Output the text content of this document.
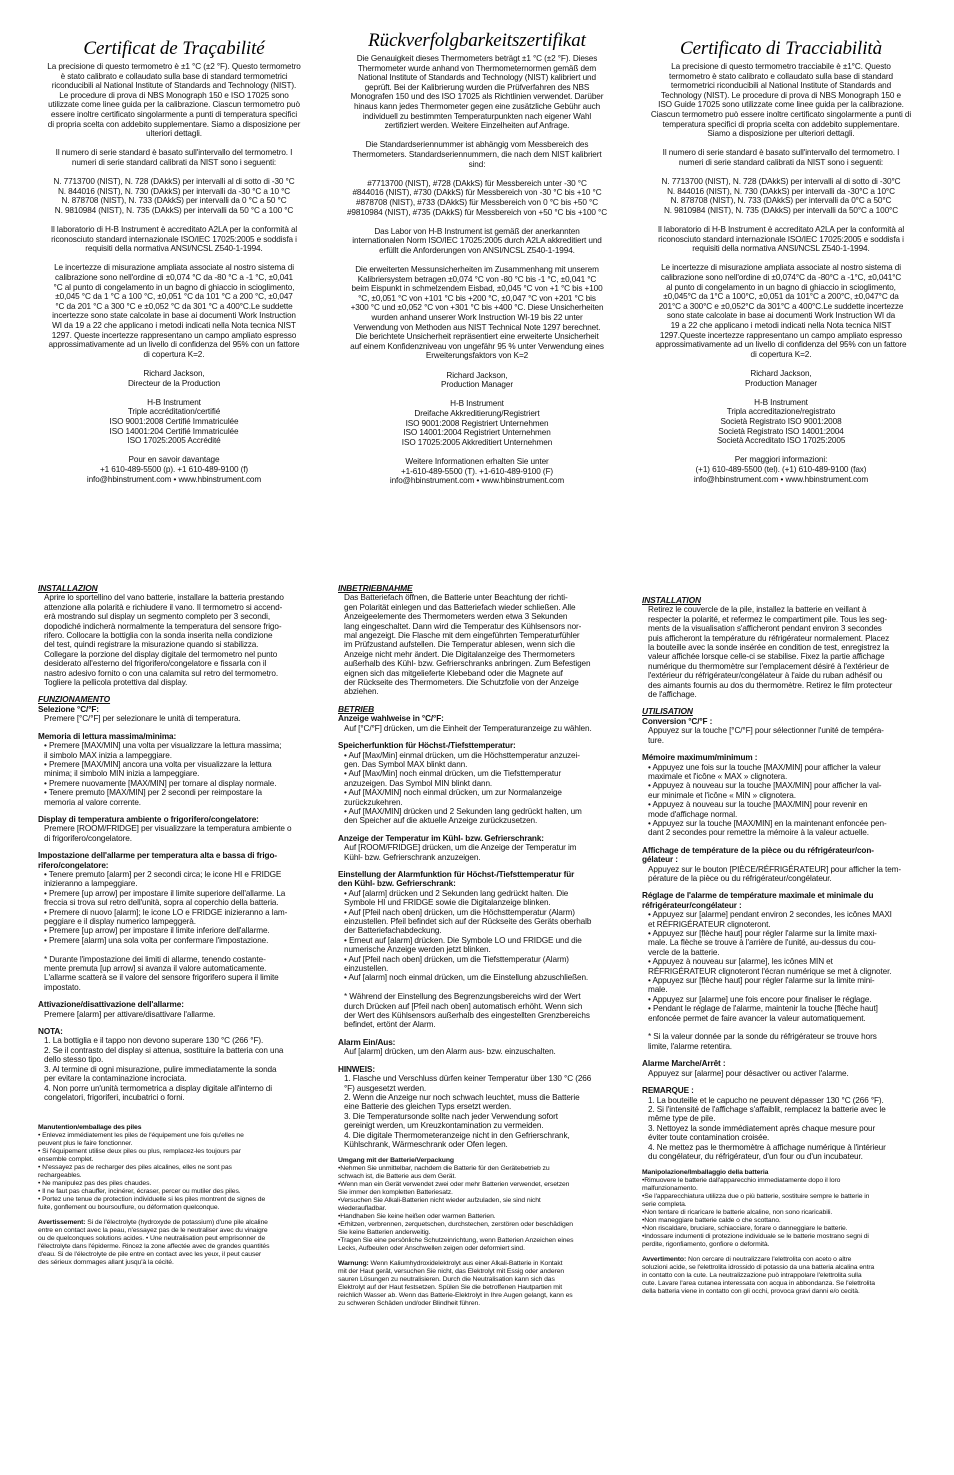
Certificat de Traçabilité

La precisione di questo termometro è ±1 °C (±2 °F). Questo termometro
è stato calibrato e collaudato sulla base di standard termometrici
riconducibili al National Institute of Standards and Technology (NIST).
Le procedure di prova di NBS Monograph 150 e ISO 17025 sono
utilizzate come linee guida per la calibrazione. Ciascun termometro può
essere inoltre certificato singolarmente a punti di temperatura specifici
di propria scelta con addebito supplementare. Siamo a disposizione per
ulteriori dettagli.

Il numero di serie standard è basato sull'intervallo del termometro. I
numeri di serie standard calibrati da NIST sono i seguenti:

N. 7713700 (NIST), N. 728 (DAkkS) per intervalli al di sotto di -30 °C
N. 844016 (NIST), N. 730 (DAkkS) per intervalli da -30 °C a 10 °C
N. 878708 (NIST), N. 733 (DAkkS) per intervalli da 0 °C a 50 °C
N. 9810984 (NIST), N. 735 (DAkkS) per intervalli da 50 °C a 100 °C

Il laboratorio di H-B Instrument è accreditato A2LA per la conformità al
riconosciuto standard internazionale ISO/IEC 17025:2005 e soddisfa i
requisiti della normativa ANSI/NCSL Z540-1-1994.

Le incertezze di misurazione ampliata associate al nostro sistema di
calibrazione sono nell'ordine di ±0,074 °C da -80 °C a -1 °C, ±0,041
°C al punto di congelamento in un bagno di ghiaccio in scioglimento,
±0,045 °C da 1 °C a 100 °C, ±0,051 °C da 101 °C a 200 °C, ±0,047
°C da 201 °C a 300 °C e ±0,052 °C da 301 °C a 400°C.Le suddette
incertezze sono state calcolate in base ai documenti Work Instruction
WI da 19 a 22 che applicano i metodi indicati nella Nota tecnica NIST
1297. Queste incertezze rappresentano un campo ampliato espresso
approssimativamente ad un livello di confidenza del 95% con un fattore
di copertura K=2.

Richard Jackson,
Directeur de la Production

H-B Instrument
Triple accréditation/certifié
ISO 9001:2008 Certifié Immatriculée
ISO 14001:204 Certifié Immatriculée
ISO 17025:2005 Accrédité

Pour en savoir davantage
+1 610-489-5500 (p). +1 610-489-9100 (f)
info@hbinstrument.com • www.hbinstrument.com

Rückverfolgbarkeitszertifikat

Die Genauigkeit dieses Thermometers beträgt ±1 °C (±2 °F). Dieses
Thermometer wurde anhand von Thermometernormen gemäß dem
National Institute of Standards and Technology (NIST) kalibriert und
geprüft. Bei der Kalibrierung wurden die Prüfverfahren des NBS
Monografen 150 und des ISO 17025 als Richtlinien verwendet. Darüber
hinaus kann jedes Thermometer gegen eine zusätzliche Gebühr auch
individuell zu bestimmten Temperaturpunkten nach eigener Wahl
zertifiziert werden. Weitere Einzelheiten auf Anfrage.

Die Standardseriennummer ist abhängig vom Messbereich des
Thermometers. Standardseriennummern, die nach dem NIST kalibriert
sind:

#7713700 (NIST), #728 (DAkkS) für Messbereich unter -30 °C
#844016 (NIST), #730 (DAkkS) für Messbereich von -30 °C bis +10 °C
#878708 (NIST), #733 (DAkkS) für Messbereich von 0 °C bis +50 °C
#9810984 (NIST), #735 (DAkkS) für Messbereich von +50 °C bis +100 °C

Das Labor von H-B Instrument ist gemäß der anerkannten
internationalen Norm ISO/IEC 17025:2005 durch A2LA akkreditiert und
erfüllt die Anforderungen von ANSI/NCSL Z540-1-1994.

Die erweiterten Messunsicherheiten im Zusammenhang mit unserem
Kalibriersystem betragen ±0,074 °C von -80 °C bis -1 °C, ±0,041 °C
beim Eispunkt in schmelzendem Eisbad, ±0,045 °C von +1 °C bis +100
°C, ±0,051 °C von +101 °C bis +200 °C, ±0,047 °C von +201 °C bis
+300 °C und ±0,052 °C von +301 °C bis +400 °C. Diese Unsicherheiten
wurden anhand unserer Work Instruction WI-19 bis 22 unter
Verwendung von Methoden aus NIST Technical Note 1297 berechnet.
Die berichtete Unsicherheit repräsentiert eine erweiterte Unsicherheit
auf einem Konfidenzniveau von ungefähr 95 % unter Verwendung eines
Erweiterungsfaktors von K=2

Richard Jackson,
Production Manager

H-B Instrument
Dreifache Akkreditierung/Registriert
ISO 9001:2008 Registriert Unternehmen
ISO 14001:2004 Registriert Unternehmen
ISO 17025:2005 Akkreditiert Unternehmen

Weitere Informationen erhalten Sie unter
+1-610-489-5500 (T). +1-610-489-9100 (F)
info@hbinstrument.com • www.hbinstrument.com

Certificato di Tracciabilità

La precisione di questo termometro tracciabile è ±1°C. Questo
termometro è stato calibrato e collaudato sulla base di standard
termometrici riconducibili al National Institute of Standards and
Technology (NIST). Le procedure di prova di NBS Monograph 150 e
ISO Guide 17025 sono utilizzate come linee guida per la calibrazione.
Ciascun termometro può essere inoltre certificato singolarmente a punti di
temperatura specifici di propria scelta con addebito supplementare.
Siamo a disposizione per ulteriori dettagli.

Il numero di serie standard è basato sull'intervallo del termometro. I
numeri di serie standard calibrati da NIST sono i seguenti:

N. 7713700 (NIST), N. 728 (DAkkS) per intervalli al di sotto di -30°C
N. 844016 (NIST), N. 730 (DAkkS) per intervalli da -30°C a 10°C
N. 878708 (NIST), N. 733 (DAkkS) per intervalli da 0°C a 50°C
N. 9810984 (NIST), N. 735 (DAkkS) per intervalli da 50°C a 100°C

Il laboratorio di H-B Instrument è accreditato A2LA per la conformità al
riconosciuto standard internazionale ISO/IEC 17025:2005 e soddisfa i
requisiti della normativa ANSI/NCSL Z540-1-1994.

Le incertezze di misurazione ampliata associate al nostro sistema di
calibrazione sono nell'ordine di ±0,074°C da -80°C a -1°C, ±0,041°C
al punto di congelamento in un bagno di ghiaccio in scioglimento,
±0,045°C da 1°C a 100°C, ±0,051 da 101°C a 200°C, ±0,047°C da
201°C a 300°C e ±0,052°C da 301°C a 400°C.Le suddette incertezze
sono state calcolate in base ai documenti Work Instruction WI da
19 a 22 che applicano i metodi indicati nella Nota tecnica NIST
1297.Queste incertezze rappresentano un campo ampliato espresso
approssimativamente ad un livello di confidenza del 95% con un fattore
di copertura K=2.

Richard Jackson,
Production Manager

H-B Instrument
Tripla accreditazione/registrato
Società Registrato ISO 9001:2008
Società Registrato ISO 14001:2004
Società Accreditato ISO 17025:2005

Per maggiori informazioni:
(+1) 610-489-5500 (tel). (+1) 610-489-9100 (fax)
info@hbinstrument.com • www.hbinstrument.com

INSTALLAZION
Aprire lo sportellino del vano batterie, installare la batteria prestando
attenzione alla polarità e richiudere il vano. Il termometro si accend-
erà mostrando sul display un segmento completo per 3 secondi,
dopodiché indicherà normalmente la temperatura del sensore frigo-
rifero. Collocare la bottiglia con la sonda inserita nella condizione
del test, quindi registrare la misurazione quando si stabilizza.
Collegare la porzione del display digitale del termometro nel punto
desiderato all'esterno del frigorifero/congelatore e fissarla con il
nastro adesivo fornito o con una calamita sul retro del termometro.
Togliere la pellicola protettiva dal display.
FUNZIONAMENTO
Selezione °C/°F:
Premere [°C/°F] per selezionare le unità di temperatura.
Memoria di lettura massima/minima:
• Premere [MAX/MIN] una volta per visualizzare la lettura massima;
il simbolo MAX inizia a lampeggiare.
• Premere [MAX/MIN] ancora una volta per visualizzare la lettura
minima; il simbolo MIN inizia a lampeggiare.
• Premere nuovamente [MAX/MIN] per tornare al display normale.
• Tenere premuto [MAX/MIN] per 2 secondi per reimpostare la
memoria al valore corrente.
Display di temperatura ambiente o frigorifero/congelatore:
Premere [ROOM/FRIDGE] per visualizzare la temperatura ambiente o
di frigorifero/congelatore.
Impostazione dell'allarme per temperatura alta e bassa di frigo-
rifero/congelatore:
• Tenere premuto [alarm] per 2 secondi circa; le icone HI e FRIDGE
inizieranno a lampeggiare.
• Premere [up arrow] per impostare il limite superiore dell'allarme. La
freccia si trova sul retro dell'unità, sopra al coperchio della batteria.
• Premere di nuovo [alarm]; le icone LO e FRIDGE inizieranno a lam-
peggiare e il display numerico lampeggerà.
• Premere [up arrow] per impostare il limite inferiore dell'allarme.
• Premere [alarm] una sola volta per confermare l'impostazione.

* Durante l'impostazione dei limiti di allarme, tenendo costante-
mente premuta [up arrow] si avanza il valore automaticamente.
L'allarme scatterà se il valore del sensore frigorifero supera il limite
impostato.
Attivazione/disattivazione dell'allarme:
Premere [alarm] per attivare/disattivare l'allarme.
NOTA:
1. La bottiglia e il tappo non devono superare 130 °C (266 °F).
2. Se il contrasto del display si attenua, sostituire la batteria con una
dello stesso tipo.
3. Al termine di ogni misurazione, pulire immediatamente la sonda
per evitare la contaminazione incrociata.
4. Non porre un'unità termometrica a display digitale all'interno di
congelatori, frigoriferi, incubatrici o forni.
Manutention/emballage des piles
• Enlevez immédiatement les piles de l'équipement une fois qu'elles ne
peuvent plus le faire fonctionner.
• Si l'équipement utilise deux piles ou plus, remplacez-les toujours par
ensemble complet.
• N'essayez pas de recharger des piles alcalines, elles ne sont pas
rechargeables.
• Ne manipulez pas des piles chaudes.
• Il ne faut pas chauffer, incinérer, écraser, percer ou mutiler des piles.
• Portez une tenue de protection individuelle si les piles montrent de signes de
fuite, gonflement ou boursouflure, ou déformation quelconque.
Avertissement: Si de l'électrolyte (hydroxyde de potassium) d'une pile alcaline
entre en contact avec la peau, n'essayez pas de le neutraliser avec du vinaigre
ou de quelconques solutions acides. • Une neutralisation peut emprisonner de
l'électrolyte dans l'épiderme. Rincez la zone affectée avec de grandes quantités
d'eau. Si de l'électrolyte de pile entre en contact avec les yeux, il peut causer
des sérieux dommages allant jusqu'à la cécité.
INBETRIEBNAHME
Das Batteriefach öffnen, die Batterie unter Beachtung der richti-
gen Polarität einlegen und das Batteriefach wieder schließen. Alle
Anzeigeelemente des Thermometers werden etwa 3 Sekunden
lang eingeschaltet. Dann wird die Temperatur des Kühlsensors nor-
mal angezeigt. Die Flasche mit dem eingeführten Temperaturfühler
im Prüfzustand aufstellen. Die Temperatur ablesen, wenn sich die
Anzeige nicht mehr ändert. Die Digitalanzeige des Thermometers
außerhalb des Kühl- bzw. Gefrierschranks anbringen. Zum Befestigen
eignen sich das mitgelieferte Klebeband oder die Magnete auf
der Rückseite des Thermometers. Die Schutzfolie von der Anzeige
abziehen.
BETRIEB
Anzeige wahlweise in °C/°F:
Auf [°C/°F] drücken, um die Einheit der Temperaturanzeige zu wählen.
Speicherfunktion für Höchst-/Tiefsttemperatur:
• Auf [Max/Min] einmal drücken, um die Höchsttemperatur anzuzei-
gen. Das Symbol MAX blinkt dann.
• Auf [Max/Min] noch einmal drücken, um die Tiefsttemperatur
anzuzeigen. Das Symbol MIN blinkt dann.
• Auf [MAX/MIN] noch einmal drücken, um zur Normalanzeige
zurückzukehren.
• Auf [MAX/MIN] drücken und 2 Sekunden lang gedrückt halten, um
den Speicher auf die aktuelle Anzeige zurückzusetzen.
Anzeige der Temperatur im Kühl- bzw. Gefrierschrank:
Auf [ROOM/FRIDGE] drücken, um die Anzeige der Temperatur im
Kühl- bzw. Gefrierschrank anzuzeigen.
Einstellung der Alarmfunktion für Höchst-/Tiefsttemperatur für
den Kühl- bzw. Gefrierschrank:
• Auf [alarm] drücken und 2 Sekunden lang gedrückt halten. Die
Symbole HI und FRIDGE sowie die Digitalanzeige blinken.
• Auf [Pfeil nach oben] drücken, um die Höchsttemperatur (Alarm)
einzustellen. Pfeil befindet sich auf der Rückseite des Geräts oberhalb
der Batteriefachabdeckung.
• Erneut auf [alarm] drücken. Die Symbole LO und FRIDGE und die
numerische Anzeige werden jetzt blinken.
• Auf [Pfeil nach oben] drücken, um die Tiefsttemperatur (Alarm)
einzustellen.
• Auf [alarm] noch einmal drücken, um die Einstellung abzuschließen.

* Während der Einstellung des Begrenzungsbereichs wird der Wert
durch Drücken auf [Pfeil nach oben] automatisch erhöht. Wenn sich
der Wert des Kühlsensors außerhalb des eingestellten Grenzbereichs
befindet, ertönt der Alarm.
Alarm Ein/Aus:
Auf [alarm] drücken, um den Alarm aus- bzw. einzuschalten.
HINWEIS:
1. Flasche und Verschluss dürfen keiner Temperatur über 130 °C (266
°F) ausgesetzt werden.
2. Wenn die Anzeige nur noch schwach leuchtet, muss die Batterie
eine Batterie des gleichen Typs ersetzt werden.
3. Die Temperatursonde sollte nach jeder Verwendung sofort
gereinigt werden, um Kreuzkontamination zu vermeiden.
4. Die digitale Thermometeranzeige nicht in den Gefrierschrank,
Kühlschrank, Wärmeschrank oder Ofen legen.
Umgang mit der Batterie/Verpackung
•Nehmen Sie unmittelbar, nachdem die Batterie für den Gerätebetrieb zu
schwach ist, die Batterie aus dem Gerät.
•Wenn man ein Gerät verwendet zwei oder mehr Batterien verwendet, ersetzen
Sie immer den kompletten Batteriesatz.
•Versuchen Sie Alkali-Batterien nicht wieder aufzuladen, sie sind nicht
wiederaufladbar.
•Handhaben Sie keine heißen oder warmen Batterien.
•Erhitzen, verbrennen, zerquetschen, durchstechen, zerstören oder beschädigen
Sie keine Batterien anderweitig.
•Tragen Sie eine persönliche Schutzeinrichtung, wenn Batterien Anzeichen eines
Lecks, Aufbeulen oder Anschwellen zeigen oder deformiert sind.
Warnung: Wenn Kaliumhydroxidelektrolyt aus einer Alkali-Batterie in Kontakt
mit der Haut gerät, versuchen Sie nicht, das Elektrolyt mit Essig oder anderen
sauren Lösungen zu neutralisieren. Durch die Neutralisation kann sich das
Elektrolyt auf der Haut festsetzen. Spülen Sie die betroffenen Hautpartien mit
reichlich Wasser ab. Wenn das Batterie-Elektrolyt in Ihre Augen gelangt, kann es
zu schweren Schäden und/oder Blindheit führen.
INSTALLATION
Retirez le couvercle de la pile, installez la batterie en veillant à
respecter la polarité, et refermez le compartiment pile. Tous les seg-
ments de la visualisation s'afficheront pendant environ 3 secondes
puis afficheront la température du réfrigérateur normalement. Placez
la bouteille avec la sonde insérée en condition de test, enregistrez la
valeur affichée lorsque celle-ci se stabilise. Fixez la partie affichage
numérique du thermomètre sur l'emplacement désiré à l'extérieur de
l'extérieur du réfrigérateur/congélateur à l'aide du ruban adhésif ou
des aimants fournis au dos du thermomètre. Retirez le film protecteur
de l'affichage.
UTILISATION
Conversion °C/°F :
Appuyez sur la touche [°C/°F] pour sélectionner l'unité de tempéra-
ture.
Mémoire maximum/minimum :
• Appuyez une fois sur la touche [MAX/MIN] pour afficher la valeur
maximale et l'icône « MAX » clignotera.
• Appuyez à nouveau sur la touche [MAX/MIN] pour afficher la val-
eur minimale et l'icône « MIN » clignotera.
• Appuyez à nouveau sur la touche [MAX/MIN] pour revenir en
mode d'affichage normal.
• Appuyez sur la touche [MAX/MIN] en la maintenant enfoncée pen-
dant 2 secondes pour remettre la mémoire à la valeur actuelle.
Affichage de température de la pièce ou du réfrigérateur/con-
gélateur :
Appuyez sur le bouton [PIÈCE/RÉFRIGÉRATEUR] pour afficher la tem-
pérature de la pièce ou du réfrigérateur/congélateur.
Réglage de l'alarme de température maximale et minimale du
réfrigérateur/congélateur :
• Appuyez sur [alarme] pendant environ 2 secondes, les icônes MAXI
et RÉFRIGÉRATEUR clignoteront.
• Appuyez sur [flèche haut] pour régler l'alarme sur la limite maxi-
male. La flèche se trouve à l'arrière de l'unité, au-dessus du cou-
vercle de la batterie.
• Appuyez à nouveau sur [alarme], les icônes MIN et
RÉFRIGÉRATEUR clignoteront l'écran numérique se met à clignoter.
• Appuyez sur [flèche haut] pour régler l'alarme sur la limite mini-
male.
• Appuyez sur [alarme] une fois encore pour finaliser le réglage.
• Pendant le réglage de l'alarme, maintenir la touche [flèche haut]
enfoncée permet de faire avancer la valeur automatiquement.

* Si la valeur donnée par la sonde du réfrigérateur se trouve hors
limite, l'alarme retentira.
Alarme Marche/Arrêt :
Appuyez sur [alarme] pour désactiver ou activer l'alarme.
REMARQUE :
1. La bouteille et le capucho ne peuvent dépasser 130 °C (266 °F).
2. Si l'intensité de l'affichage s'affaiblit, remplacez la batterie avec le
même type de pile.
3. Nettoyez la sonde immédiatement après chaque mesure pour
éviter toute contamination croisée.
4. Ne mettez pas le thermomètre à affichage numérique à l'intérieur
du congélateur, du réfrigérateur, d'un four ou d'un incubateur.
Manipolazione/Imballaggio della batteria
•Rimuovere le batterie dall'apparecchio immediatamente dopo il loro
malfunzionamento.
•Se l'apparecchiatura utilizza due o più batterie, sostituire sempre le batterie in
serie completa.
•Non tentare di ricaricare le batterie alcaline, non sono ricaricabili.
•Non maneggiare batterie calde o che scottano.
•Non riscaldare, bruciare, schiacciare, forare o danneggiare le batterie.
•Indossare indumenti di protezione individuale se le batterie mostrano segni di
perdite, rigonfiamento, gonfiore o deformità.
Avvertimento: Non cercare di neutralizzare l'elettrolita con aceto o altre
soluzioni acide, se l'elettrolita idrossido di potassio da una batteria alcalina entra
in contatto con la cute. La neutralizzazione può intrappolare l'elettrolita sulla
cute. Lavare l'area cutanea interessata con acqua in abbondanza. Se l'elettrolita
della batteria viene in contatto con gli occhi, provoca gravi danni e/o cecità.
